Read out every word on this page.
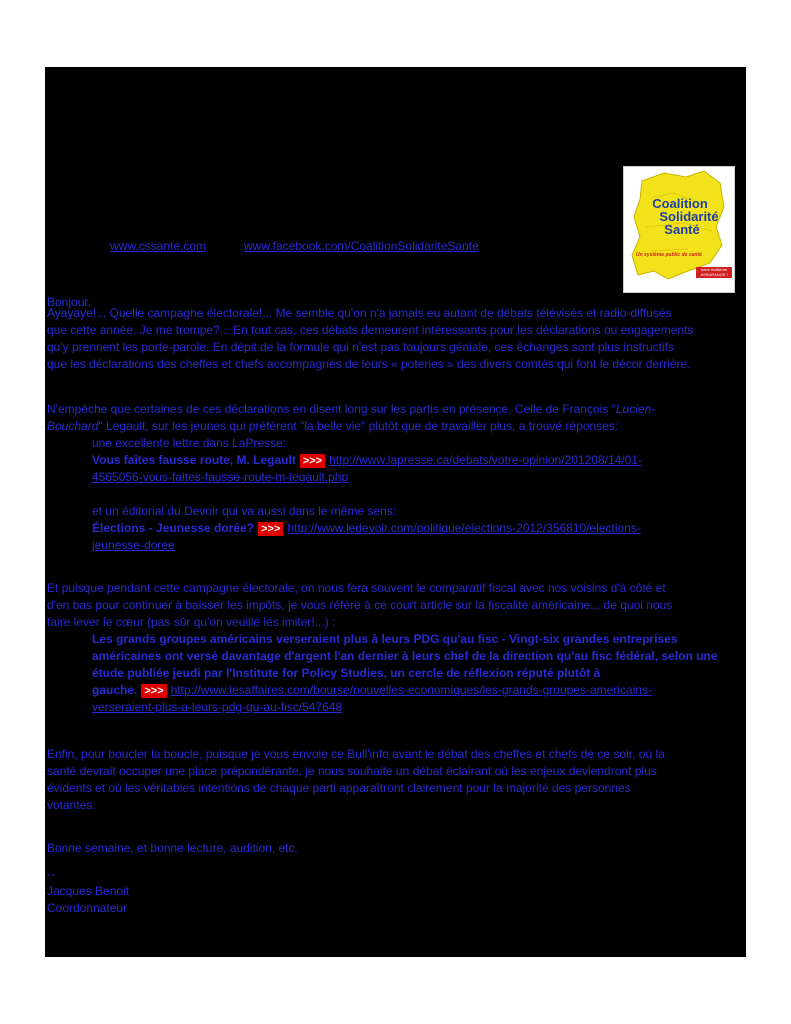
Coalition
Solidarité
Santé
Un système public de santé
notre meilleure ASSURANCE !
www.cssante.com	www.facebook.com/CoalitionSolidariteSante
Bonjour,
Ayayaye!... Quelle campagne électorale!... Me semble qu'on n'a jamais eu autant de débats télévisés et radio-diffusés
que cette année. Je me trompe?... En tout cas, ces débats demeurent intéressants pour les déclarations ou engagements
qu'y prennent les porte-parole. En dépit de la formule qui n'est pas toujours géniale, ces échanges sont plus instructifs
que les déclarations des cheffes et chefs accompagnés de leurs « poteries » des divers comtés qui font le décor derrière.
N'empêche que certaines de ces déclarations en disent long sur les partis en présence. Celle de François "Lucien-
Bouchard" Legault, sur les jeunes qui préfèrent "la belle vie" plutôt que de travailler plus, a trouvé réponses:
une excellente lettre dans LaPresse:
Vous faites fausse route, M. Legault >>> http://www.lapresse.ca/debats/votre-opinion/201208/14/01-
4565056-vous-faites-fausse-route-m-legault.php
et un éditorial du Devoir qui va aussi dans le même sens:
Élections - Jeunesse dorée? >>> http://www.ledevoir.com/politique/elections-2012/356810/elections-
jeunesse-doree
Et puisque pendant cette campagne électorale, on nous fera souvent le comparatif fiscal avec nos voisins d'à côté et
d'en bas pour continuer à baisser les impôts, je vous réfère à ce court article sur la fiscalité américaine... de quoi nous
faire lever le cœur (pas sûr qu'on veuille les imiter!...) :
Les grands groupes américains verseraient plus à leurs PDG qu'au fisc - Vingt-six grandes entreprises
américaines ont versé davantage d'argent l'an dernier à leurs chef de la direction qu'au fisc fédéral, selon une
étude publiée jeudi par l'Institute for Policy Studies, un cercle de réflexion réputé plutôt à
gauche. >>> http://www.lesaffaires.com/bourse/nouvelles-economiques/les-grands-groupes-americains-
verseraient-plus-a-leurs-pdg-qu-au-fisc/547648
Enfin, pour boucler la boucle, puisque je vous envoie ce Bull'info avant le débat des cheffes et chefs de ce soir, où la
santé devrait occuper une place prépondérante, je nous souhaite un débat éclairant où les enjeux deviendront plus
évidents et où les véritables intentions de chaque parti apparaîtront clairement pour la majorité des personnes
votantes.
Bonne semaine, et bonne lecture, audition, etc.
--
Jacques Benoit
Coordonnateur
